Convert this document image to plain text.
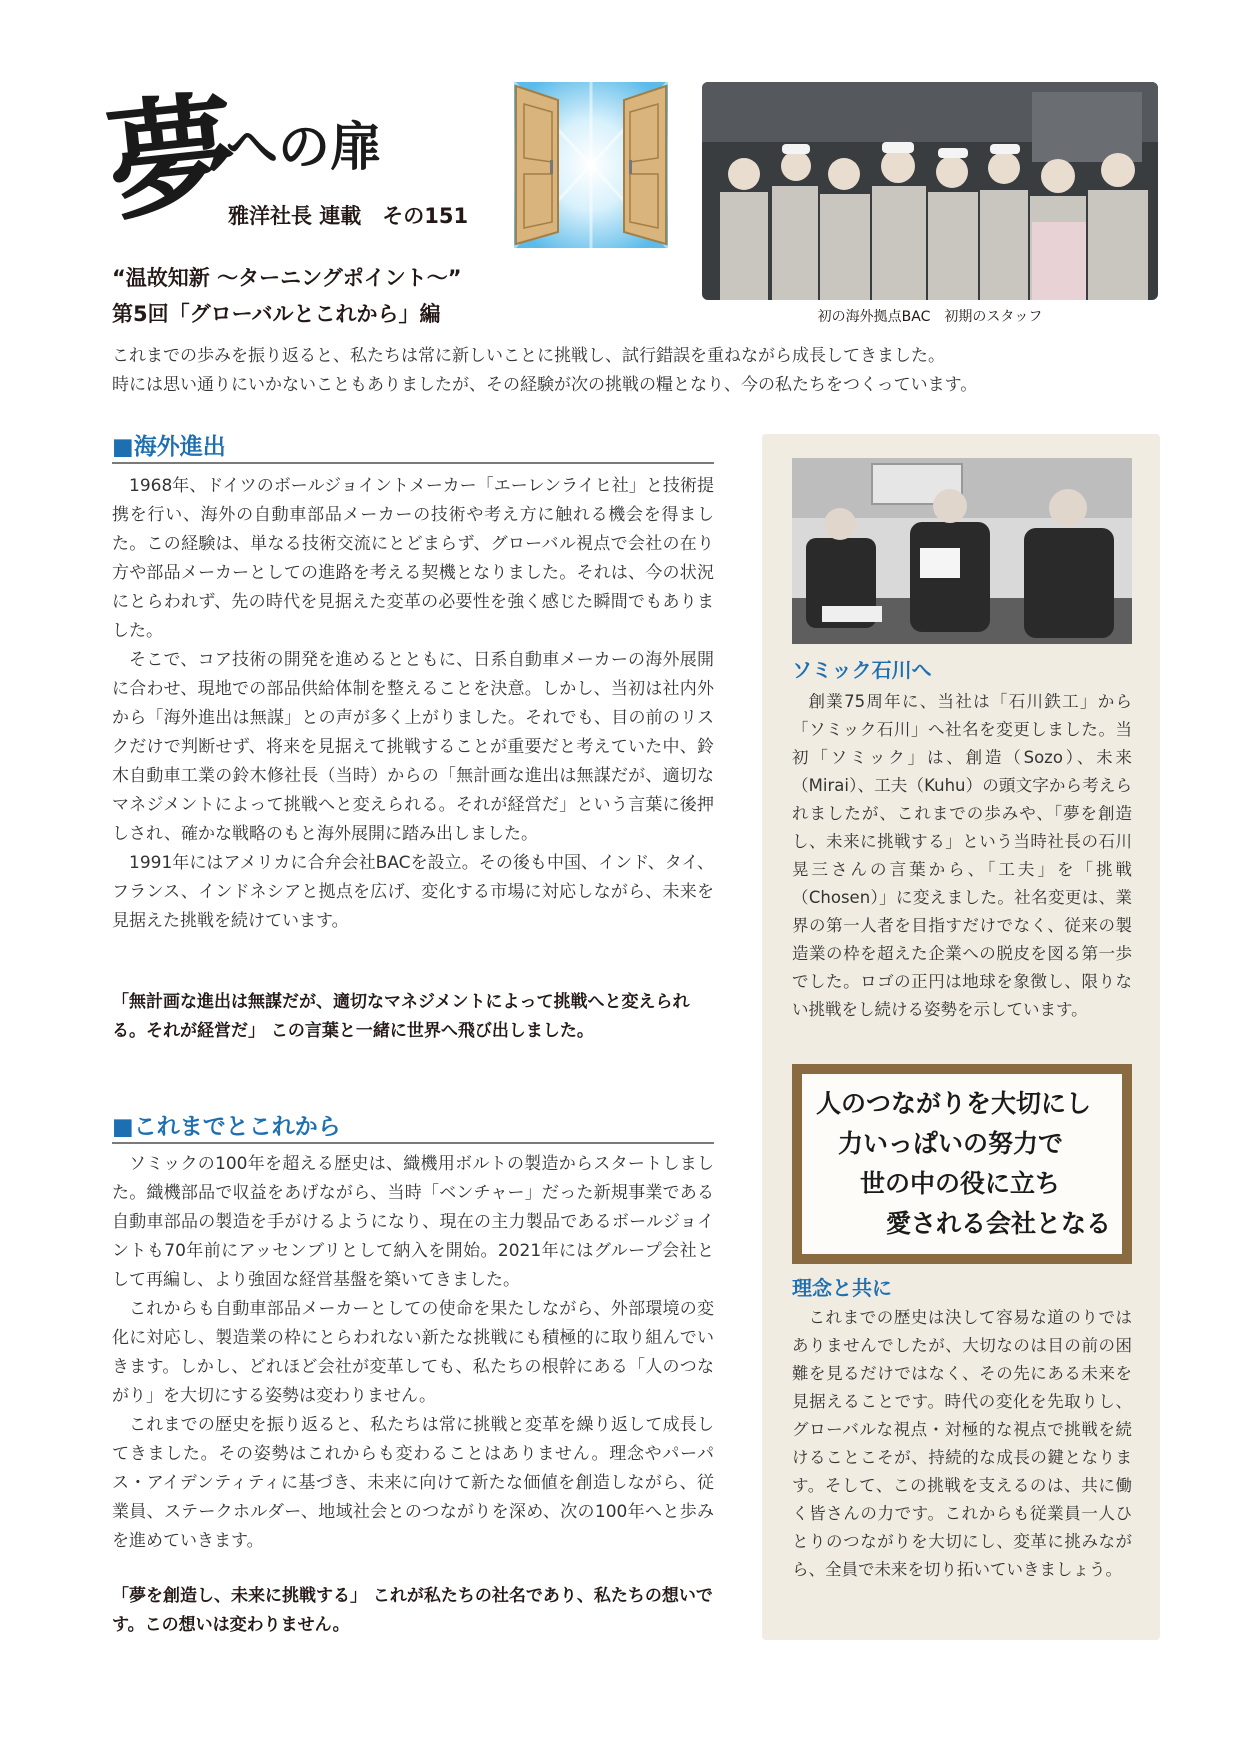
夢
への扉
雅洋社長 連載　その151
初の海外拠点BAC　初期のスタッフ
“温故知新 ～ターニングポイント～”
第5回「グローバルとこれから」編
これまでの歩みを振り返ると、私たちは常に新しいことに挑戦し、試行錯誤を重ねながら成長してきました。
時には思い通りにいかないこともありましたが、その経験が次の挑戦の糧となり、今の私たちをつくっています。
■海外進出

1968年、ドイツのボールジョイントメーカー「エーレンライヒ社」と技術提携を行い、海外の自動車部品メーカーの技術や考え方に触れる機会を得ました。この経験は、単なる技術交流にとどまらず、グローバル視点で会社の在り方や部品メーカーとしての進路を考える契機となりました。それは、今の状況にとらわれず、先の時代を見据えた変革の必要性を強く感じた瞬間でもありました。

そこで、コア技術の開発を進めるとともに、日系自動車メーカーの海外展開に合わせ、現地での部品供給体制を整えることを決意。しかし、当初は社内外から「海外進出は無謀」との声が多く上がりました。それでも、目の前のリスクだけで判断せず、将来を見据えて挑戦することが重要だと考えていた中、鈴木自動車工業の鈴木修社長（当時）からの「無計画な進出は無謀だが、適切なマネジメントによって挑戦へと変えられる。それが経営だ」という言葉に後押しされ、確かな戦略のもと海外展開に踏み出しました。

1991年にはアメリカに合弁会社BACを設立。その後も中国、インド、タイ、フランス、インドネシアと拠点を広げ、変化する市場に対応しながら、未来を見据えた挑戦を続けています。

「無計画な進出は無謀だが、適切なマネジメントによって挑戦へと変えられる。それが経営だ」 この言葉と一緒に世界へ飛び出しました。
■これまでとこれから

ソミックの100年を超える歴史は、織機用ボルトの製造からスタートしました。織機部品で収益をあげながら、当時「ベンチャー」だった新規事業である自動車部品の製造を手がけるようになり、現在の主力製品であるボールジョイントも70年前にアッセンブリとして納入を開始。2021年にはグループ会社として再編し、より強固な経営基盤を築いてきました。

これからも自動車部品メーカーとしての使命を果たしながら、外部環境の変化に対応し、製造業の枠にとらわれない新たな挑戦にも積極的に取り組んでいきます。しかし、どれほど会社が変革しても、私たちの根幹にある「人のつながり」を大切にする姿勢は変わりません。

これまでの歴史を振り返ると、私たちは常に挑戦と変革を繰り返して成長してきました。その姿勢はこれからも変わることはありません。理念やパーパス・アイデンティティに基づき、未来に向けて新たな価値を創造しながら、従業員、ステークホルダー、地域社会とのつながりを深め、次の100年へと歩みを進めていきます。

「夢を創造し、未来に挑戦する」 これが私たちの社名であり、私たちの想いです。この想いは変わりません。
ソミック石川へ

創業75周年に、当社は「石川鉄工」から「ソミック石川」へ社名を変更しました。当初「ソミック」は、創造（Sozo）、未来（Mirai）、工夫（Kuhu）の頭文字から考えられましたが、これまでの歩みや、「夢を創造し、未来に挑戦する」という当時社長の石川晃三さんの言葉から、「工夫」を「挑戦（Chosen）」に変えました。社名変更は、業界の第一人者を目指すだけでなく、従来の製造業の枠を超えた企業への脱皮を図る第一歩でした。ロゴの正円は地球を象徴し、限りない挑戦をし続ける姿勢を示しています。

人のつながりを大切にし
力いっぱいの努力で
世の中の役に立ち
愛される会社となる
理念と共に

これまでの歴史は決して容易な道のりではありませんでしたが、大切なのは目の前の困難を見るだけではなく、その先にある未来を見据えることです。時代の変化を先取りし、グローバルな視点・対極的な視点で挑戦を続けることこそが、持続的な成長の鍵となります。そして、この挑戦を支えるのは、共に働く皆さんの力です。これからも従業員一人ひとりのつながりを大切にし、変革に挑みながら、全員で未来を切り拓いていきましょう。
